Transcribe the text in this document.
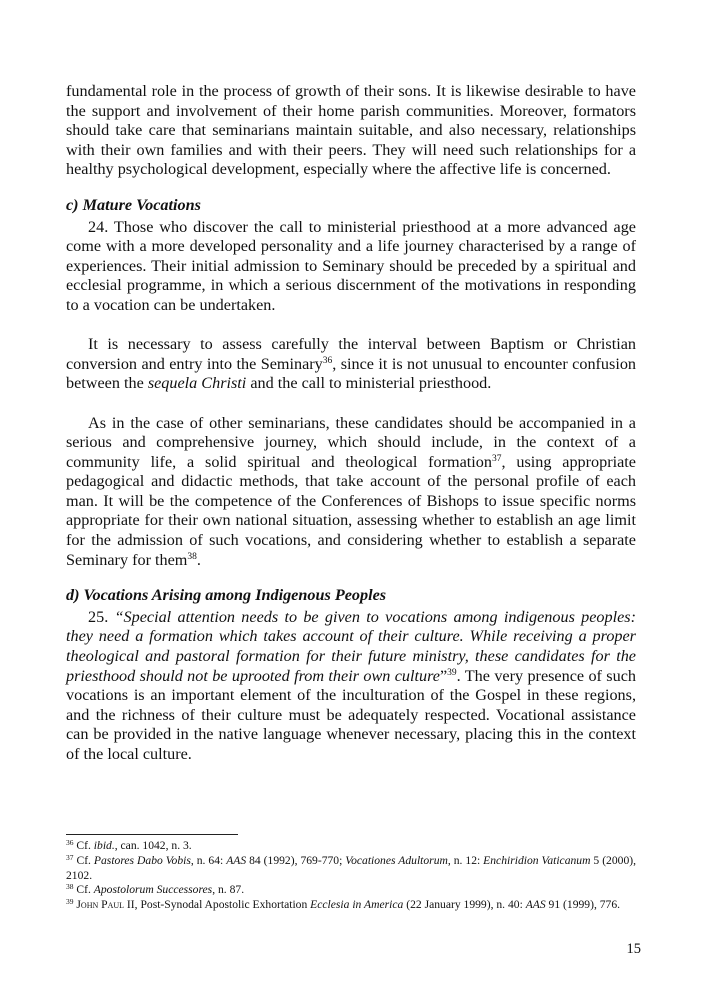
fundamental role in the process of growth of their sons. It is likewise desirable to have the support and involvement of their home parish communities. Moreover, formators should take care that seminarians maintain suitable, and also necessary, relationships with their own families and with their peers. They will need such relationships for a healthy psychological development, especially where the affective life is concerned.

c) Mature Vocations

24. Those who discover the call to ministerial priesthood at a more advanced age come with a more developed personality and a life journey characterised by a range of experiences. Their initial admission to Seminary should be preceded by a spiritual and ecclesial programme, in which a serious discernment of the motivations in responding to a vocation can be undertaken.

It is necessary to assess carefully the interval between Baptism or Christian conversion and entry into the Seminary$^{36}$, since it is not unusual to encounter confusion between the sequela Christi and the call to ministerial priesthood.

As in the case of other seminarians, these candidates should be accompanied in a serious and comprehensive journey, which should include, in the context of a community life, a solid spiritual and theological formation$^{37}$, using appropriate pedagogical and didactic methods, that take account of the personal profile of each man. It will be the competence of the Conferences of Bishops to issue specific norms appropriate for their own national situation, assessing whether to establish an age limit for the admission of such vocations, and considering whether to establish a separate Seminary for them$^{38}$.

d) Vocations Arising among Indigenous Peoples

25. “Special attention needs to be given to vocations among indigenous peoples: they need a formation which takes account of their culture. While receiving a proper theological and pastoral formation for their future ministry, these candidates for the priesthood should not be uprooted from their own culture”$^{39}$. The very presence of such vocations is an important element of the inculturation of the Gospel in these regions, and the richness of their culture must be adequately respected. Vocational assistance can be provided in the native language whenever necessary, placing this in the context of the local culture.

$^{36}$ Cf. ibid., can. 1042, n. 3.

$^{37}$ Cf. Pastores Dabo Vobis, n. 64: AAS 84 (1992), 769-770; Vocationes Adultorum, n. 12: Enchiridion Vaticanum 5 (2000), 2102.

$^{38}$ Cf. Apostolorum Successores, n. 87.

$^{39}$ John Paul II, Post-Synodal Apostolic Exhortation Ecclesia in America (22 January 1999), n. 40: AAS 91 (1999), 776.

15
